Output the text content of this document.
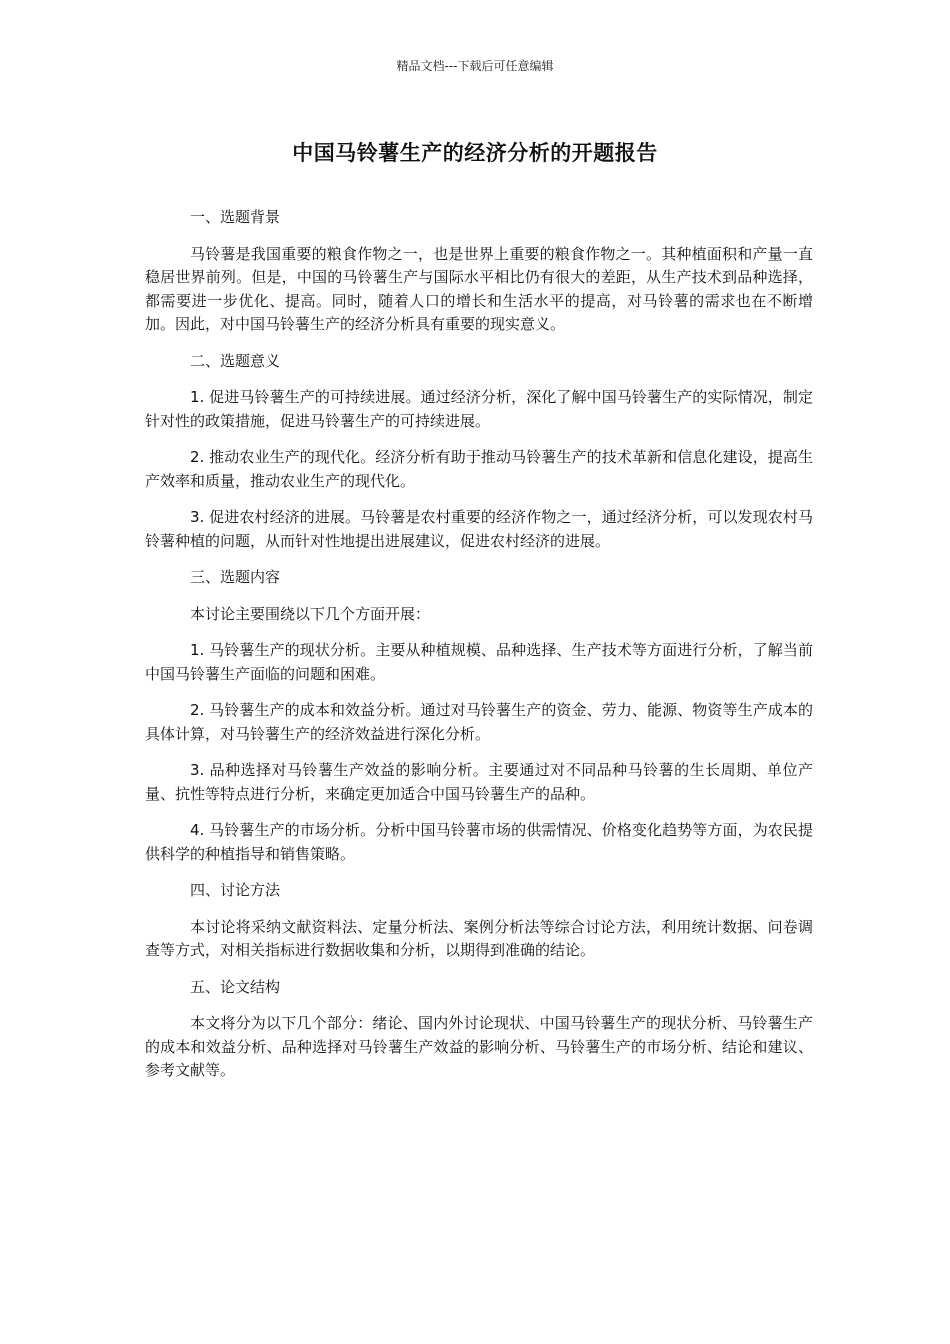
精品文档---下载后可任意编辑
中国马铃薯生产的经济分析的开题报告

一、选题背景

马铃薯是我国重要的粮食作物之一，也是世界上重要的粮食作物之一。其种植面积和产量一直稳居世界前列。但是，中国的马铃薯生产与国际水平相比仍有很大的差距，从生产技术到品种选择，都需要进一步优化、提高。同时，随着人口的增长和生活水平的提高，对马铃薯的需求也在不断增加。因此，对中国马铃薯生产的经济分析具有重要的现实意义。

二、选题意义

1. 促进马铃薯生产的可持续进展。通过经济分析，深化了解中国马铃薯生产的实际情况，制定针对性的政策措施，促进马铃薯生产的可持续进展。

2. 推动农业生产的现代化。经济分析有助于推动马铃薯生产的技术革新和信息化建设，提高生产效率和质量，推动农业生产的现代化。

3. 促进农村经济的进展。马铃薯是农村重要的经济作物之一，通过经济分析，可以发现农村马铃薯种植的问题，从而针对性地提出进展建议，促进农村经济的进展。

三、选题内容

本讨论主要围绕以下几个方面开展：

1. 马铃薯生产的现状分析。主要从种植规模、品种选择、生产技术等方面进行分析，了解当前中国马铃薯生产面临的问题和困难。

2. 马铃薯生产的成本和效益分析。通过对马铃薯生产的资金、劳力、能源、物资等生产成本的具体计算，对马铃薯生产的经济效益进行深化分析。

3. 品种选择对马铃薯生产效益的影响分析。主要通过对不同品种马铃薯的生长周期、单位产量、抗性等特点进行分析，来确定更加适合中国马铃薯生产的品种。

4. 马铃薯生产的市场分析。分析中国马铃薯市场的供需情况、价格变化趋势等方面，为农民提供科学的种植指导和销售策略。

四、讨论方法

本讨论将采纳文献资料法、定量分析法、案例分析法等综合讨论方法，利用统计数据、问卷调查等方式，对相关指标进行数据收集和分析，以期得到准确的结论。

五、论文结构

本文将分为以下几个部分：绪论、国内外讨论现状、中国马铃薯生产的现状分析、马铃薯生产的成本和效益分析、品种选择对马铃薯生产效益的影响分析、马铃薯生产的市场分析、结论和建议、参考文献等。
